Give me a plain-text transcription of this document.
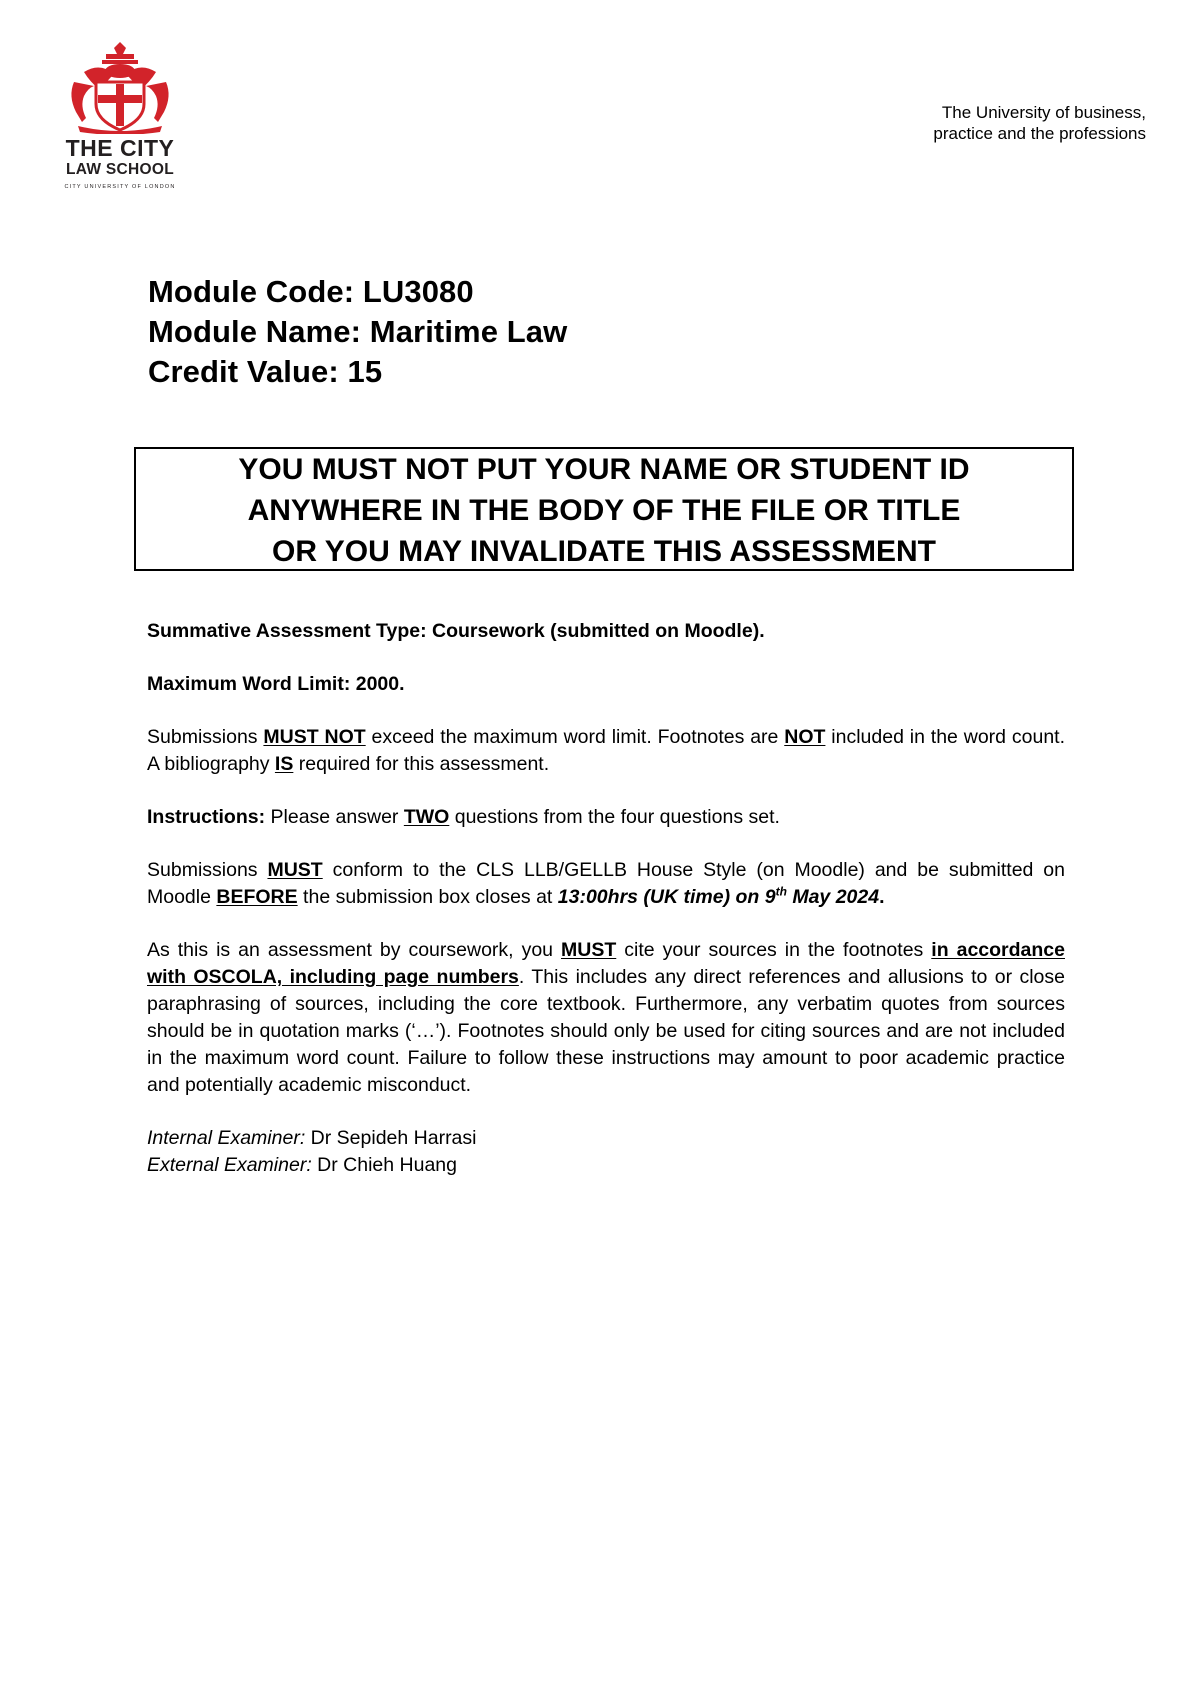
THE CITY
LAW SCHOOL
CITY UNIVERSITY OF LONDON
The University of business,
practice and the professions
Module Code: LU3080
Module Name: Maritime Law
Credit Value: 15
YOU MUST NOT PUT YOUR NAME OR STUDENT ID
ANYWHERE IN THE BODY OF THE FILE OR TITLE
OR YOU MAY INVALIDATE THIS ASSESSMENT

Summative Assessment Type: Coursework (submitted on Moodle).

Maximum Word Limit: 2000.

Submissions MUST NOT exceed the maximum word limit. Footnotes are NOT included in the word count. A bibliography IS required for this assessment.

Instructions: Please answer TWO questions from the four questions set.

Submissions MUST conform to the CLS LLB/GELLB House Style (on Moodle) and be submitted on Moodle BEFORE the submission box closes at 13:00hrs (UK time) on 9th May 2024.

As this is an assessment by coursework, you MUST cite your sources in the footnotes in accordance with OSCOLA, including page numbers. This includes any direct references and allusions to or close paraphrasing of sources, including the core textbook. Furthermore, any verbatim quotes from sources should be in quotation marks (‘…’). Footnotes should only be used for citing sources and are not included in the maximum word count. Failure to follow these instructions may amount to poor academic practice and potentially academic misconduct.

Internal Examiner: Dr Sepideh Harrasi
External Examiner: Dr Chieh Huang
